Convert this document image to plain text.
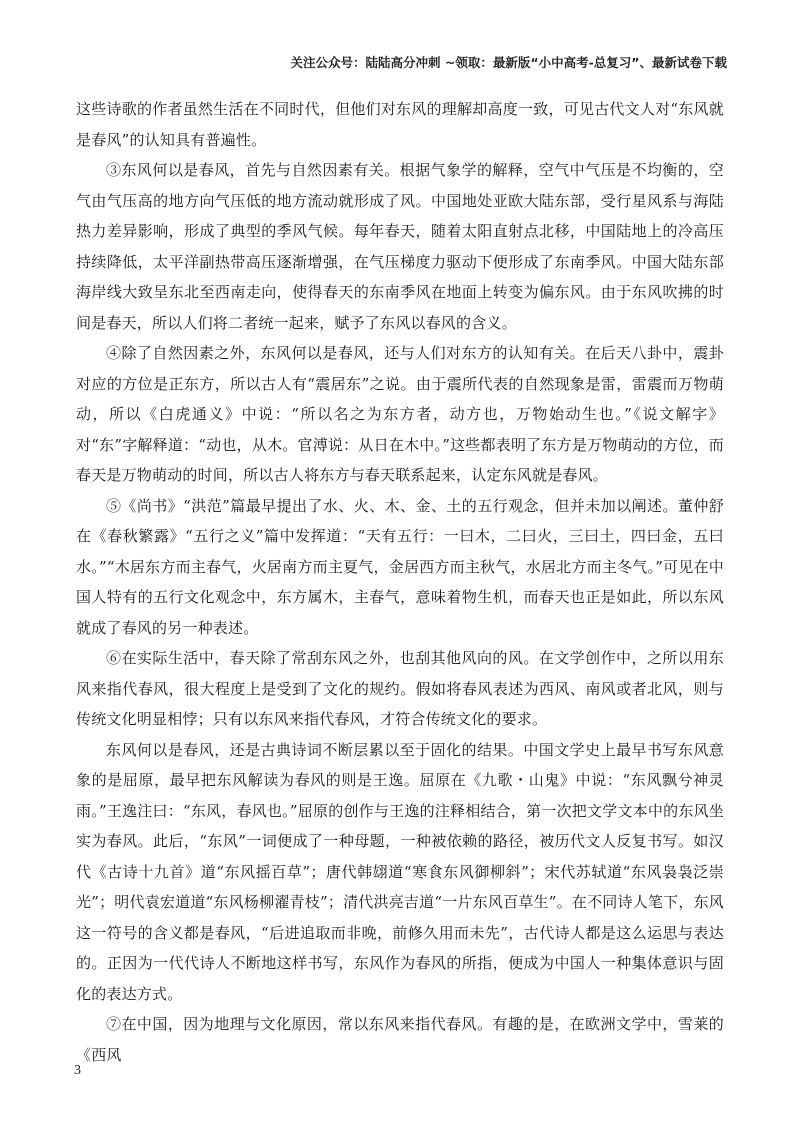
关注公众号：陆陆高分冲刺 ~领取：最新版“小中高考-总复习”、最新试卷下载

这些诗歌的作者虽然生活在不同时代，但他们对东风的理解却高度一致，可见古代文人对“东风就是春风”的认知具有普遍性。

③东风何以是春风，首先与自然因素有关。根据气象学的解释，空气中气压是不均衡的，空气由气压高的地方向气压低的地方流动就形成了风。中国地处亚欧大陆东部，受行星风系与海陆热力差异影响，形成了典型的季风气候。每年春天，随着太阳直射点北移，中国陆地上的冷高压持续降低，太平洋副热带高压逐渐增强，在气压梯度力驱动下便形成了东南季风。中国大陆东部海岸线大致呈东北至西南走向，使得春天的东南季风在地面上转变为偏东风。由于东风吹拂的时间是春天，所以人们将二者统一起来，赋予了东风以春风的含义。

④除了自然因素之外，东风何以是春风，还与人们对东方的认知有关。在后天八卦中，震卦对应的方位是正东方，所以古人有“震居东”之说。由于震所代表的自然现象是雷，雷震而万物萌动，所以《白虎通义》中说：“所以名之为东方者，动方也，万物始动生也。”《说文解字》对“东”字解释道：“动也，从木。官溥说：从日在木中。”这些都表明了东方是万物萌动的方位，而春天是万物萌动的时间，所以古人将东方与春天联系起来，认定东风就是春风。

⑤《尚书》“洪范”篇最早提出了水、火、木、金、土的五行观念，但并未加以阐述。董仲舒在《春秋繁露》“五行之义”篇中发挥道：“天有五行：一曰木，二曰火，三曰土，四曰金，五曰水。”“木居东方而主春气，火居南方而主夏气，金居西方而主秋气，水居北方而主冬气。”可见在中国人特有的五行文化观念中，东方属木，主春气，意味着物生机，而春天也正是如此，所以东风就成了春风的另一种表述。

⑥在实际生活中，春天除了常刮东风之外，也刮其他风向的风。在文学创作中，之所以用东风来指代春风，很大程度上是受到了文化的规约。假如将春风表述为西风、南风或者北风，则与传统文化明显相悖；只有以东风来指代春风，才符合传统文化的要求。

东风何以是春风，还是古典诗词不断层累以至于固化的结果。中国文学史上最早书写东风意象的是屈原，最早把东风解读为春风的则是王逸。屈原在《九歌・山鬼》中说：“东风飘兮神灵雨。”王逸注曰：“东风，春风也。”屈原的创作与王逸的注释相结合，第一次把文学文本中的东风坐实为春风。此后，“东风”一词便成了一种母题，一种被依赖的路径，被历代文人反复书写。如汉代《古诗十九首》道“东风摇百草”；唐代韩翃道“寒食东风御柳斜”；宋代苏轼道“东风袅袅泛崇光”；明代袁宏道道“东风杨柳濯青枝”；清代洪亮吉道“一片东风百草生”。在不同诗人笔下，东风这一符号的含义都是春风，“后进追取而非晚，前修久用而未先”，古代诗人都是这么运思与表达的。正因为一代代诗人不断地这样书写，东风作为春风的所指，便成为中国人一种集体意识与固化的表达方式。

⑦在中国，因为地理与文化原因，常以东风来指代春风。有趣的是，在欧洲文学中，雪莱的《西风

3
